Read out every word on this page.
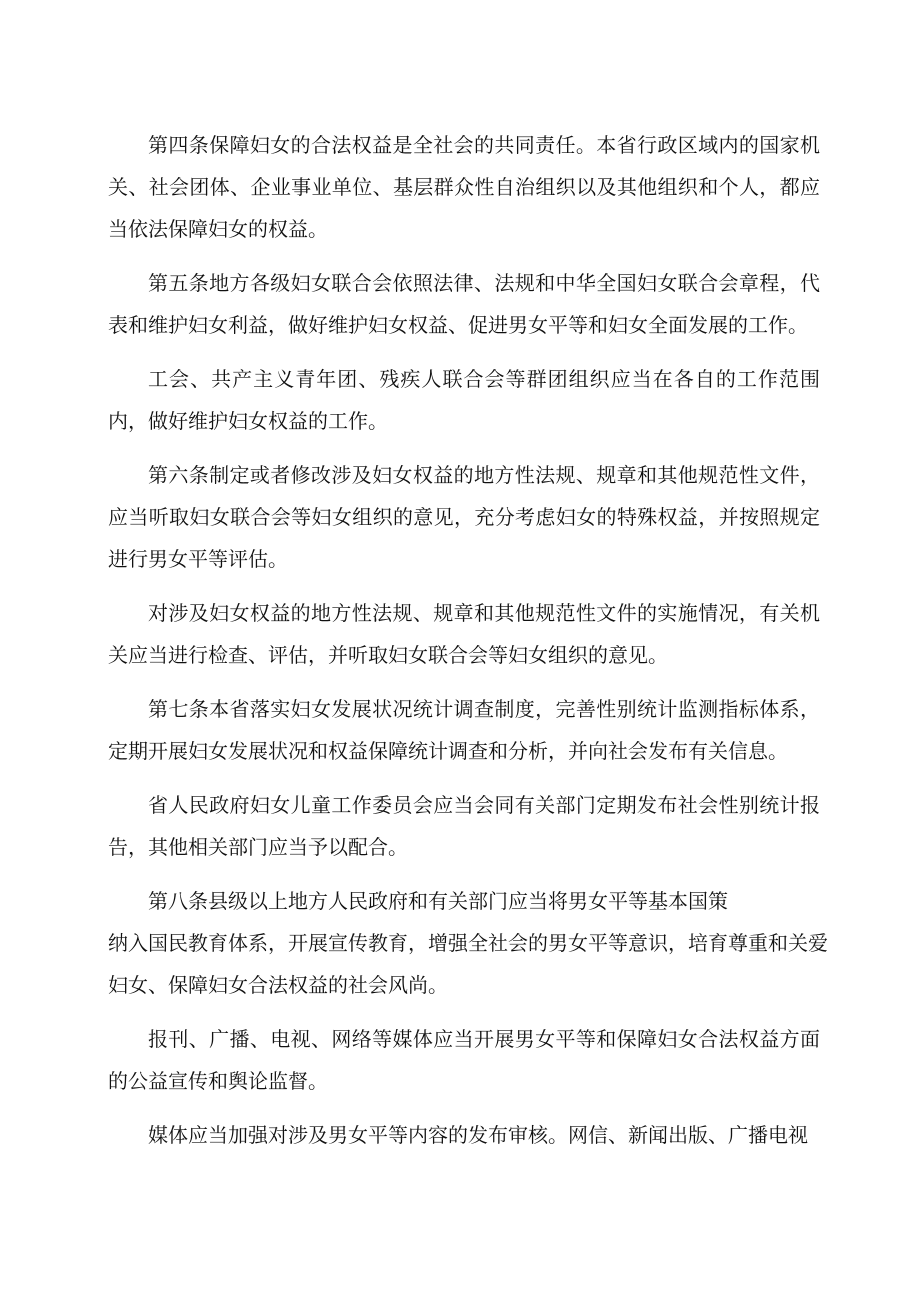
第四条保障妇女的合法权益是全社会的共同责任。本省行政区域内的国家机关、社会团体、企业事业单位、基层群众性自治组织以及其他组织和个人，都应当依法保障妇女的权益。

第五条地方各级妇女联合会依照法律、法规和中华全国妇女联合会章程，代表和维护妇女利益，做好维护妇女权益、促进男女平等和妇女全面发展的工作。

工会、共产主义青年团、残疾人联合会等群团组织应当在各自的工作范围内，做好维护妇女权益的工作。

第六条制定或者修改涉及妇女权益的地方性法规、规章和其他规范性文件，应当听取妇女联合会等妇女组织的意见，充分考虑妇女的特殊权益，并按照规定进行男女平等评估。

对涉及妇女权益的地方性法规、规章和其他规范性文件的实施情况，有关机关应当进行检查、评估，并听取妇女联合会等妇女组织的意见。

第七条本省落实妇女发展状况统计调查制度，完善性别统计监测指标体系，定期开展妇女发展状况和权益保障统计调查和分析，并向社会发布有关信息。

省人民政府妇女儿童工作委员会应当会同有关部门定期发布社会性别统计报告，其他相关部门应当予以配合。

第八条县级以上地方人民政府和有关部门应当将男女平等基本国策
纳入国民教育体系，开展宣传教育，增强全社会的男女平等意识，培育尊重和关爱
妇女、保障妇女合法权益的社会风尚。

报刊、广播、电视、网络等媒体应当开展男女平等和保障妇女合法权益方面的公益宣传和舆论监督。

媒体应当加强对涉及男女平等内容的发布审核。网信、新闻出版、广播电视
